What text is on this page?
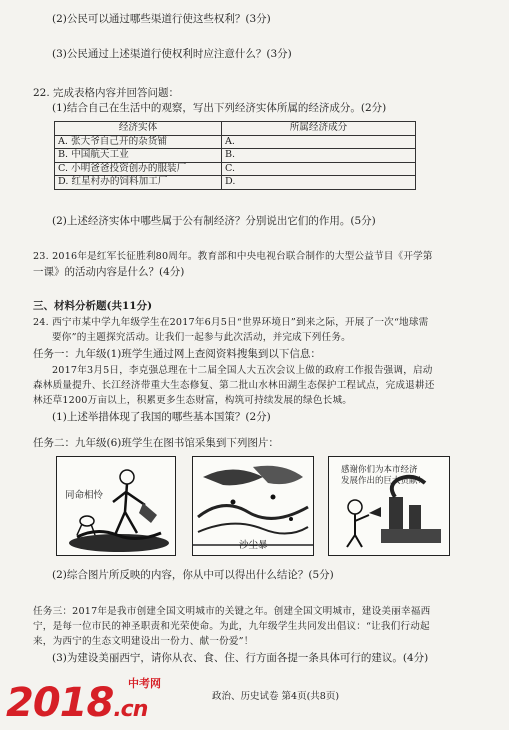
(2)公民可以通过哪些渠道行使这些权利？(3分)
(3)公民通过上述渠道行使权利时应注意什么？(3分)
22. 完成表格内容并回答问题：
(1)结合自己在生活中的观察，写出下列经济实体所属的经济成分。(2分)
经济实体	所属经济成分
A. 张大爷自己开的杂货铺	A.
B. 中国航天工业	B.
C. 小明爸爸投资创办的服装厂	C.
D. 红星村办的饲料加工厂	D.
(2)上述经济实体中哪些属于公有制经济？分别说出它们的作用。(5分)
23. 2016年是红军长征胜利80周年。教育部和中央电视台联合制作的大型公益节目《开学第
一课》的活动内容是什么？(4分)
三、材料分析题(共11分)
24. 西宁市某中学九年级学生在2017年6月5日“世界环境日”到来之际，开展了一次“地球需
要你”的主题探究活动。让我们一起参与此次活动，并完成下列任务。
任务一：九年级(1)班学生通过网上查阅资料搜集到以下信息：
2017年3月5日，李克强总理在十二届全国人大五次会议上做的政府工作报告强调，启动
森林质量提升、长江经济带重大生态修复、第二批山水林田湖生态保护工程试点，完成退耕还
林还草1200万亩以上，积累更多生态财富，构筑可持续发展的绿色长城。
(1)上述举措体现了我国的哪些基本国策？(2分)
任务二：九年级(6)班学生在图书馆采集到下列图片：
同命相怜
沙尘暴
感谢你们为本市经济
发展作出的巨大贡献！
(2)综合图片所反映的内容，你从中可以得出什么结论？(5分)
任务三：2017年是我市创建全国文明城市的关键之年。创建全国文明城市，建设美丽幸福西
宁，是每一位市民的神圣职责和光荣使命。为此，九年级学生共同发出倡议：“让我们行动起
来，为西宁的生态文明建设出一份力、献一份爱”！
(3)为建设美丽西宁，请你从衣、食、住、行方面各提一条具体可行的建议。(4分)
政治、历史试卷 第4页(共8页)
2018.cn
中考网
